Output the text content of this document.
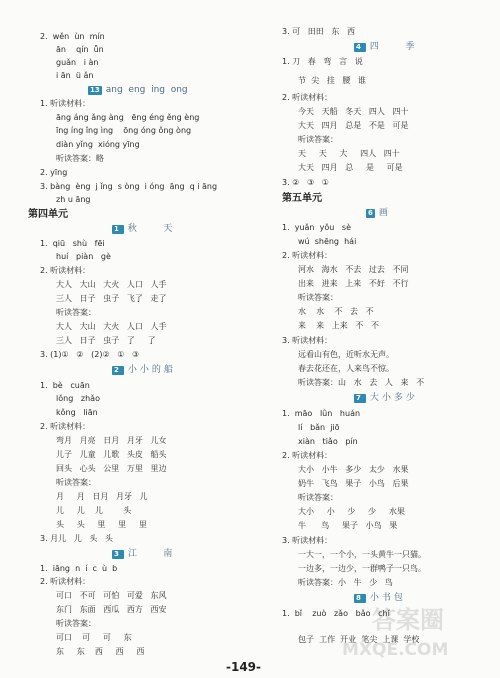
2.  wěn  ùn  mín
ān    qín  ǖn
guǎn   i àn
i ān  ü ǎn
13 ang  eng  ing  ong
1. 听读材料：
āng áng ǎng àng   ēng éng ěng èng
īng íng ǐng ìng    ōng óng ǒng òng
diàn yǐng  xióng yīng
听读答案：略
2. yīng
3. bàng  èng  j ǐng  s òng  i óng  āng  q i āng
zh u āng
第四单元
1 秋    天
1.  qiū   shù   fēi
huí   piàn   gè
2. 听读材料：
大人   大山   大火   人口   人手
三人   日子   虫子   飞了   走了
听读答案：
大人   大山   大火   人口   人手
三人   日子   虫子   了     了
3. (1)①   ②   (2)②   ①   ③
2 小小的船
1.  bè   cuān
lǒng   zhǎo
kǒng   liān
2. 听读材料：
弯月   月亮   日月   月牙   儿女
儿子   儿童   儿歌   头皮   船头
回头   心头   公里   万里   里边
听读答案：
月     月   日月   月牙   儿
儿     儿    儿        头
头     头     里     里     里
3. 月儿   儿   头   头
3 江    南
1.  iāng  n  í  c  ù  b
2. 听读材料：
可口   不可   可怕   可爱   东风
东门   东面   西瓜   西方   西安
听读答案：
可口    可     可     东
东     东    西     西     西
3. 可   田田   东   西
4 四    季
1. 刀   春   弯   言   说
节  尖   挂   腰   谁
2. 听读材料：
今天   天船   冬天   四人   四十
大天   四月   总是   不是   可是
听读答案：
天     天     大     四人   四十
大天   四月   总     是     可是
3. ②   ③   ①
第五单元
6 画
1.  yuǎn  yǒu   sè
wú  shēng  hái
2. 听读材料：
河水   海水   不去   过去   不同
出来   进来   上来   不好   不行
听读答案：
水    水    不   去   不
来    来   上来   不   不
3. 听读材料：
远看山有色，近听水无声。
春去花还在，人来鸟不惊。
听读答案：山   水   去   人   来   不
7 大小多少
1.  māo   lǜn   huán
lí   bǎn  jiō
xiàn   tiǎo   pín
2. 听读材料：
大小   小牛   多少   太少   水果
奶牛   飞鸟   果子   小鸟   后果
听读答案：
大小     小     少     少     水果
牛      鸟     果子   小鸟   果
3. 听读材料：
一大一，一个小，一头黄牛一只猫。
一边多，一边少，一群鸭子一只鸟。
听读答案：小   牛   少   鸟
8 小书包
1.  bǐ    zuò   zǎo   bǎo   chǐ
包子  工作  开业  笔尖  上课  学校
-149-
答案圈
MXQE.COM
